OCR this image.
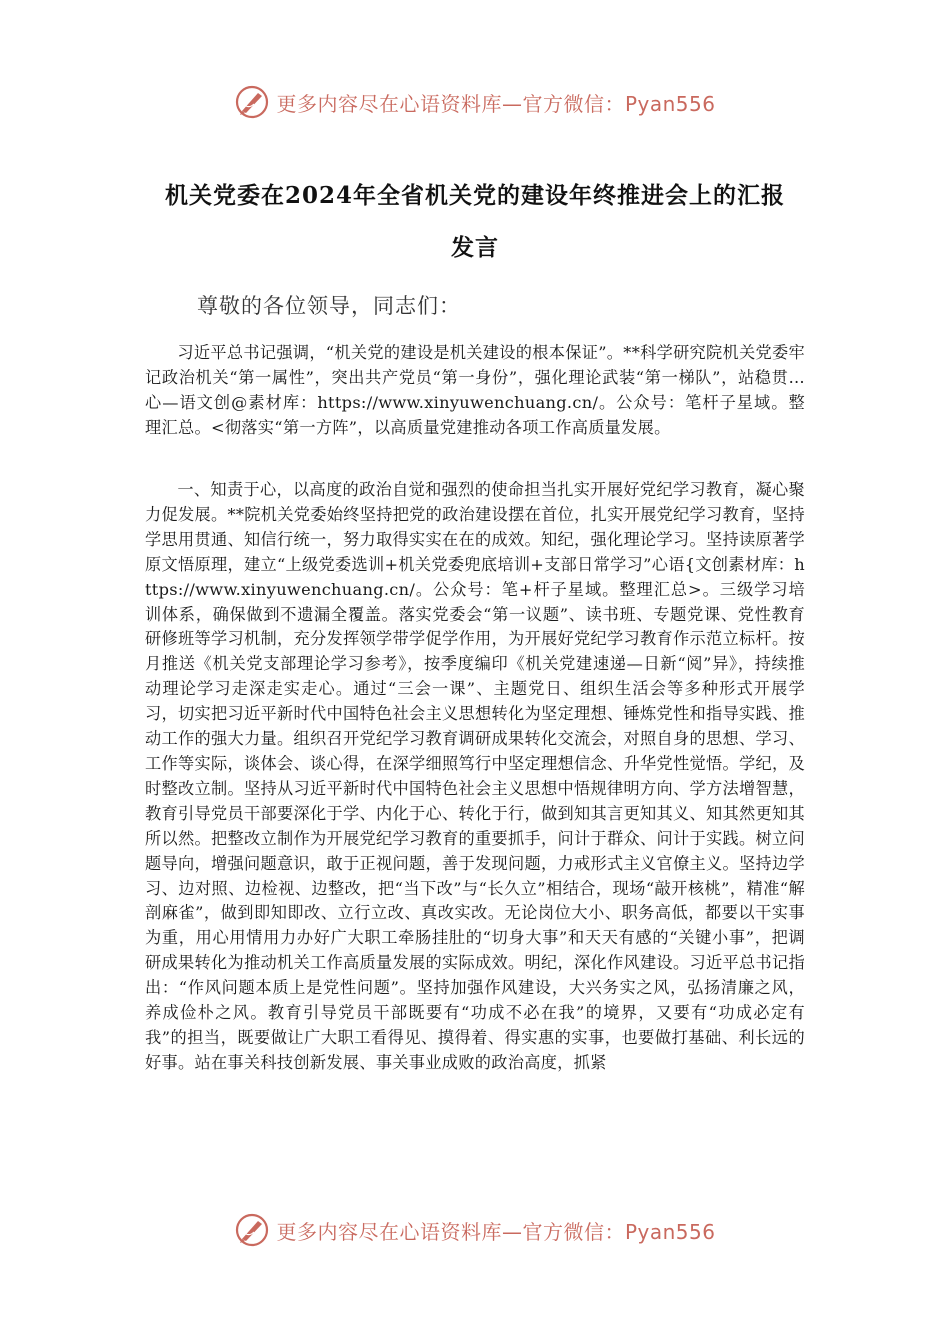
更多内容尽在心语资料库—官方微信：Pyan556
机关党委在2024年全省机关党的建设年终推进会上的汇报
发言
尊敬的各位领导，同志们：
习近平总书记强调，“机关党的建设是机关建设的根本保证”。**科学研究院机关党委牢记政治机关“第一属性”，突出共产党员“第一身份”，强化理论武装“第一梯队”，站稳贯…心—语文创@素材库：https://www.xinyuwenchuang.cn/。公众号：笔杆子星域。整理汇总。<彻落实“第一方阵”，以高质量党建推动各项工作高质量发展。
一、知责于心，以高度的政治自觉和强烈的使命担当扎实开展好党纪学习教育，凝心聚力促发展。**院机关党委始终坚持把党的政治建设摆在首位，扎实开展党纪学习教育，坚持学思用贯通、知信行统一，努力取得实实在在的成效。知纪，强化理论学习。坚持读原著学原文悟原理，建立“上级党委选训+机关党委兜底培训+支部日常学习”心语{文创素材库：https://www.xinyuwenchuang.cn/。公众号：笔+杆子星域。整理汇总>。三级学习培训体系，确保做到不遗漏全覆盖。落实党委会“第一议题”、读书班、专题党课、党性教育研修班等学习机制，充分发挥领学带学促学作用，为开展好党纪学习教育作示范立标杆。按月推送《机关党支部理论学习参考》，按季度编印《机关党建速递—日新“阅”异》，持续推动理论学习走深走实走心。通过“三会一课”、主题党日、组织生活会等多种形式开展学习，切实把习近平新时代中国特色社会主义思想转化为坚定理想、锤炼党性和指导实践、推动工作的强大力量。组织召开党纪学习教育调研成果转化交流会，对照自身的思想、学习、工作等实际，谈体会、谈心得，在深学细照笃行中坚定理想信念、升华党性觉悟。学纪，及时整改立制。坚持从习近平新时代中国特色社会主义思想中悟规律明方向、学方法增智慧，教育引导党员干部要深化于学、内化于心、转化于行，做到知其言更知其义、知其然更知其所以然。把整改立制作为开展党纪学习教育的重要抓手，问计于群众、问计于实践。树立问题导向，增强问题意识，敢于正视问题，善于发现问题，力戒形式主义官僚主义。坚持边学习、边对照、边检视、边整改，把“当下改”与“长久立”相结合，现场“敲开核桃”，精准“解剖麻雀”，做到即知即改、立行立改、真改实改。无论岗位大小、职务高低，都要以干实事为重，用心用情用力办好广大职工牵肠挂肚的“切身大事”和天天有感的“关键小事”，把调研成果转化为推动机关工作高质量发展的实际成效。明纪，深化作风建设。习近平总书记指出：“作风问题本质上是党性问题”。坚持加强作风建设，大兴务实之风，弘扬清廉之风，养成俭朴之风。教育引导党员干部既要有“功成不必在我”的境界，又要有“功成必定有我”的担当，既要做让广大职工看得见、摸得着、得实惠的实事，也要做打基础、利长远的好事。站在事关科技创新发展、事关事业成败的政治高度，抓紧
更多内容尽在心语资料库—官方微信：Pyan556
